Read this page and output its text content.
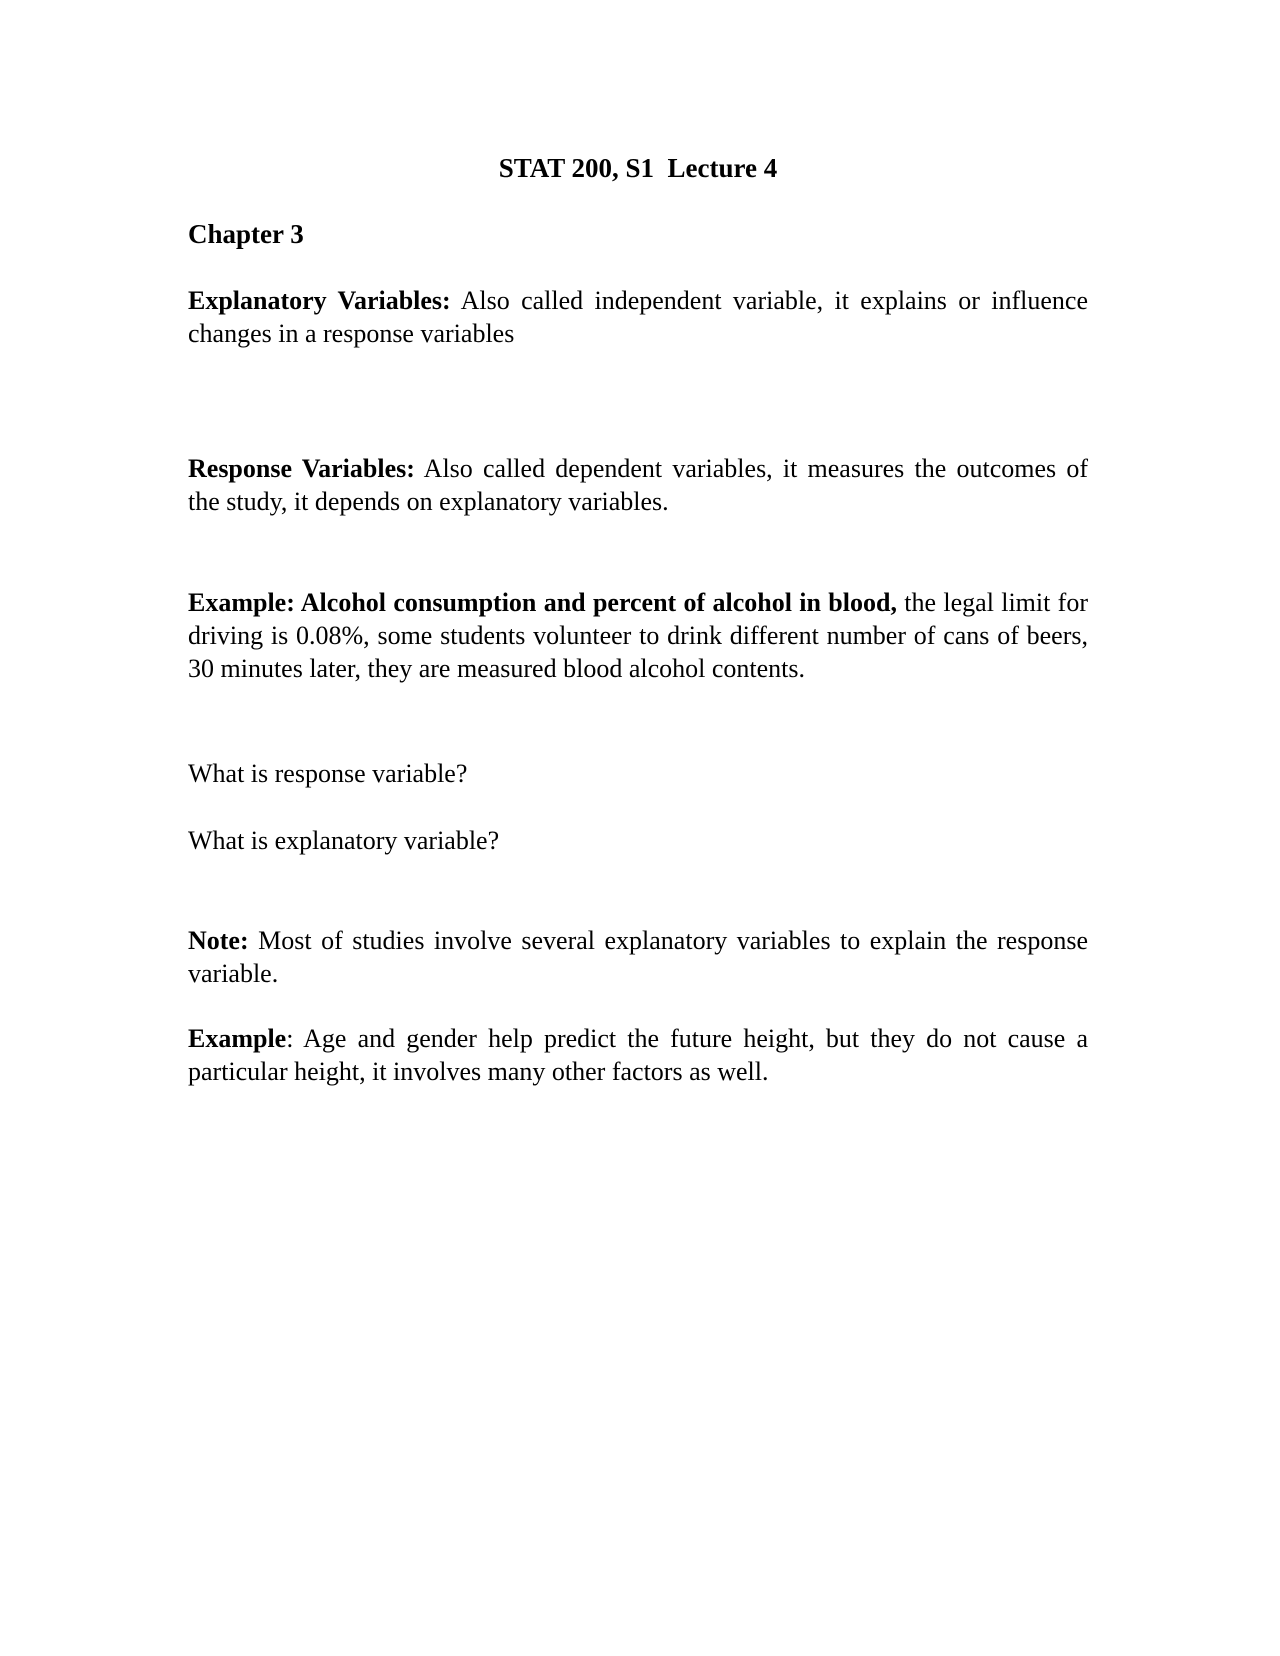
STAT 200, S1  Lecture 4
Chapter 3

Explanatory Variables: Also called independent variable, it explains or influence changes in a response variables

Response Variables: Also called dependent variables, it measures the outcomes of the study, it depends on explanatory variables.

Example: Alcohol consumption and percent of alcohol in blood, the legal limit for driving is 0.08%, some students volunteer to drink different number of cans of beers, 30 minutes later, they are measured blood alcohol contents.

What is response variable?

What is explanatory variable?

Note: Most of studies involve several explanatory variables to explain the response variable.

Example: Age and gender help predict the future height, but they do not cause a particular height, it involves many other factors as well.
